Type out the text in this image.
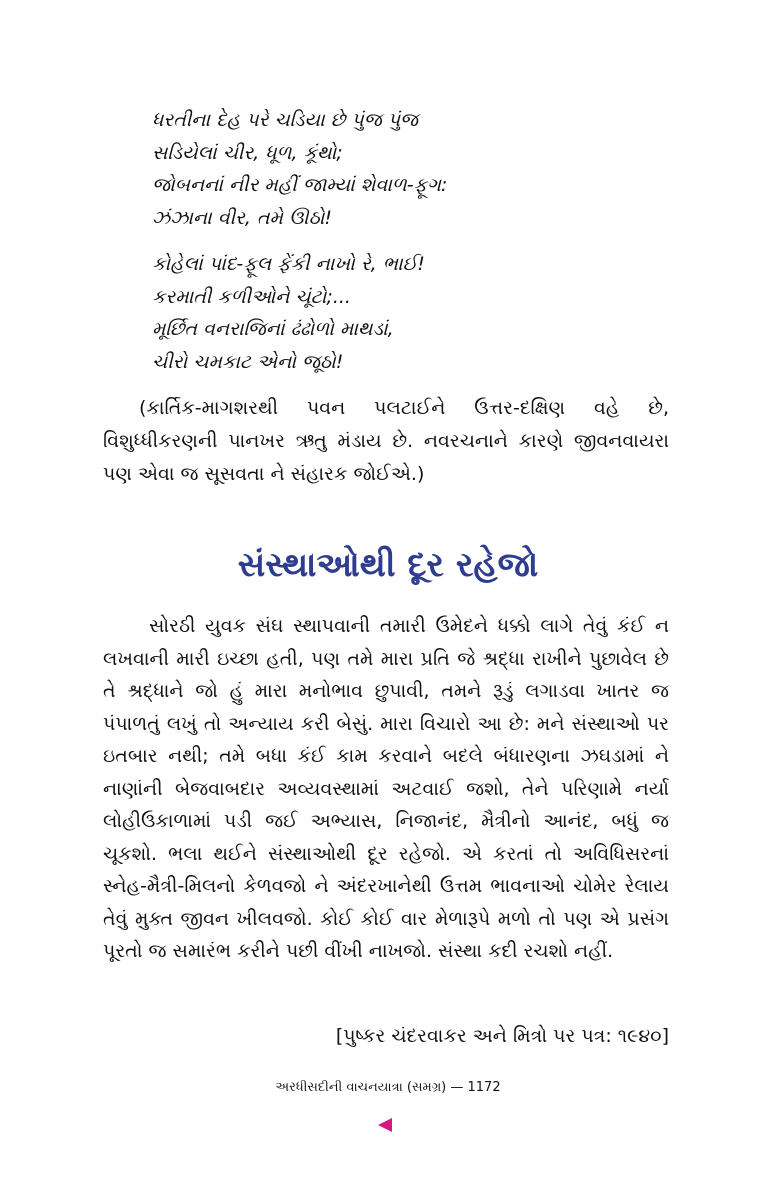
ધરતીના દેહ પરે ચડિયા છે પુંજ પુંજ
સડિયેલાં ચીર, ધૂળ, કૂંથો;
જોબનનાં નીર મહીં જામ્યાં શેવાળ-ફૂગ:
ઝંઝાના વીર, તમે ઊઠો!
કોહેલાં પાંદ-ફૂલ ફેંકી નાખો રે, ભાઈ!
કરમાતી કળીઓને ચૂંટો;...
મૂર્છિત વનરાજિનાં ઢંઢોળો માથડાં,
ચીરો ચમકાટ એનો જૂઠો!

(કાર્તિક-માગશરથી પવન પલટાઈને ઉત્તર-દક્ષિણ વહે છે, વિશુધ્ધીકરણની પાનખર ઋતુ મંડાય છે. નવરચનાને કારણે જીવનવાયરા પણ એવા જ સૂસવતા ને સંહારક જોઈએ.)

સંસ્થાઓથી દૂર રહેજો

સોરઠી યુવક સંઘ સ્થાપવાની તમારી ઉમેદને ધક્કો લાગે તેવું કંઈ ન લખવાની મારી ઇચ્છા હતી, પણ તમે મારા પ્રતિ જે શ્રદ્ધા રાખીને પુછાવેલ છે તે શ્રદ્ધાને જો હું મારા મનોભાવ છુપાવી, તમને રૂડું લગાડવા ખાતર જ પંપાળતું લખું તો અન્યાય કરી બેસું. મારા વિચારો આ છે: મને સંસ્થાઓ પર ઇતબાર નથી; તમે બધા કંઈ કામ કરવાને બદલે બંધારણના ઝઘડામાં ને નાણાંની બેજવાબદાર અવ્યવસ્થામાં અટવાઈ જશો, તેને પરિણામે નર્યા લોહીઉકાળામાં પડી જઈ અભ્યાસ, નિજાનંદ, મૈત્રીનો આનંદ, બધું જ ચૂકશો. ભલા થઈને સંસ્થાઓથી દૂર રહેજો. એ કરતાં તો અવિધિસરનાં સ્નેહ-મૈત્રી-મિલનો કેળવજો ને અંદરખાનેથી ઉત્તમ ભાવનાઓ ચોમેર રેલાય તેવું મુક્ત જીવન ખીલવજો. કોઈ કોઈ વાર મેળારૂપે મળો તો પણ એ પ્રસંગ પૂરતો જ સમારંભ કરીને પછી વીંખી નાખજો. સંસ્થા કદી રચશો નહીં.

[પુષ્કર ચંદરવાકર અને મિત્રો પર પત્ર: ૧૯૪૦]
અરધીસદીની વાચનયાત્રા (સમગ્ર) — 1172
